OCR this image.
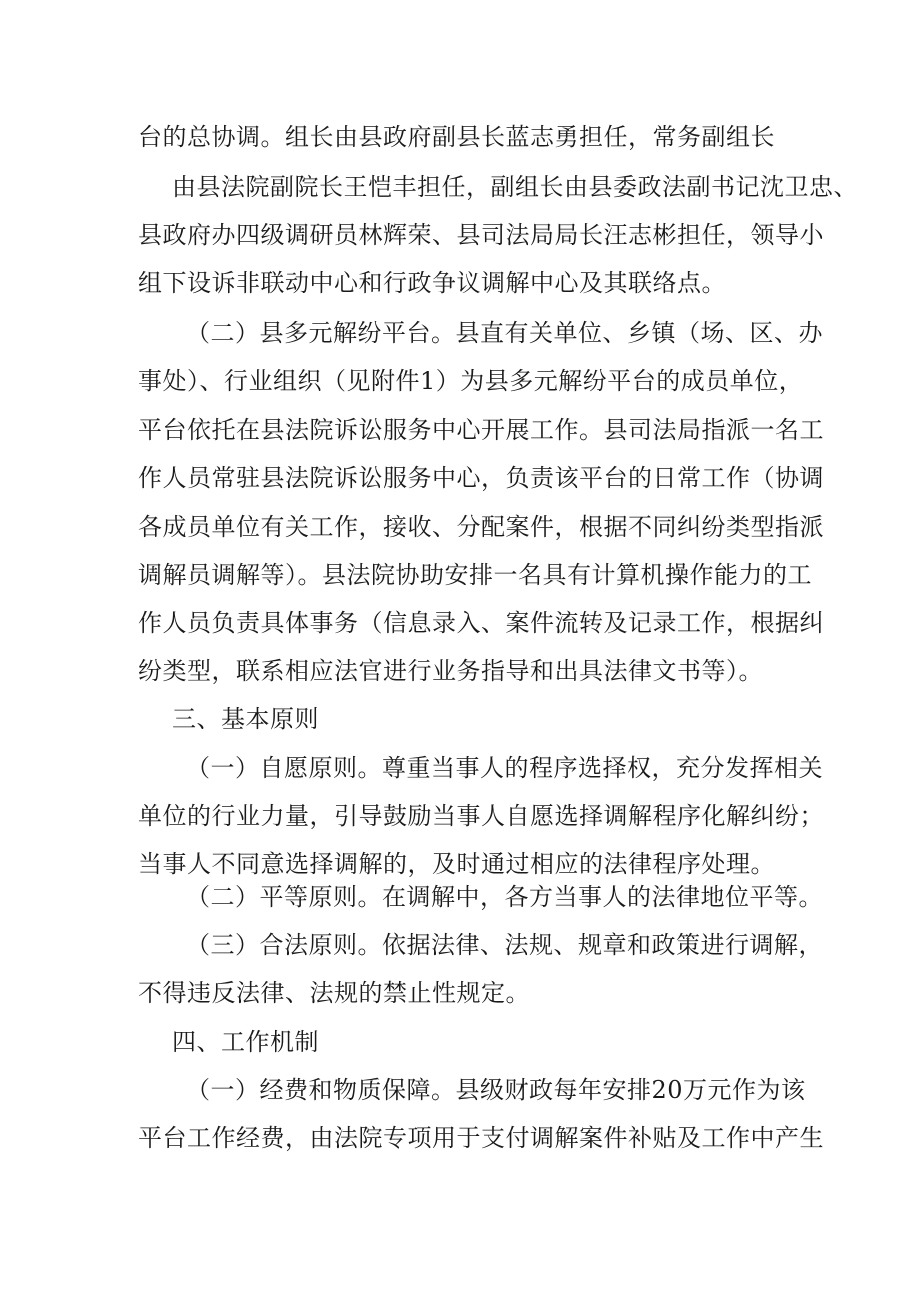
台的总协调。组长由县政府副县长蓝志勇担任，常务副组长
由县法院副院长王恺丰担任，副组长由县委政法副书记沈卫忠、
县政府办四级调研员林辉荣、县司法局局长汪志彬担任，领导小
组下设诉非联动中心和行政争议调解中心及其联络点。
（二）县多元解纷平台。县直有关单位、乡镇（场、区、办
事处）、行业组织（见附件1）为县多元解纷平台的成员单位，
平台依托在县法院诉讼服务中心开展工作。县司法局指派一名工
作人员常驻县法院诉讼服务中心，负责该平台的日常工作（协调
各成员单位有关工作，接收、分配案件，根据不同纠纷类型指派
调解员调解等）。县法院协助安排一名具有计算机操作能力的工
作人员负责具体事务（信息录入、案件流转及记录工作，根据纠
纷类型，联系相应法官进行业务指导和出具法律文书等）。
三、基本原则
（一）自愿原则。尊重当事人的程序选择权，充分发挥相关
单位的行业力量，引导鼓励当事人自愿选择调解程序化解纠纷；
当事人不同意选择调解的，及时通过相应的法律程序处理。
（二）平等原则。在调解中，各方当事人的法律地位平等。
（三）合法原则。依据法律、法规、规章和政策进行调解，
不得违反法律、法规的禁止性规定。
四、工作机制
（一）经费和物质保障。县级财政每年安排20万元作为该
平台工作经费，由法院专项用于支付调解案件补贴及工作中产生
